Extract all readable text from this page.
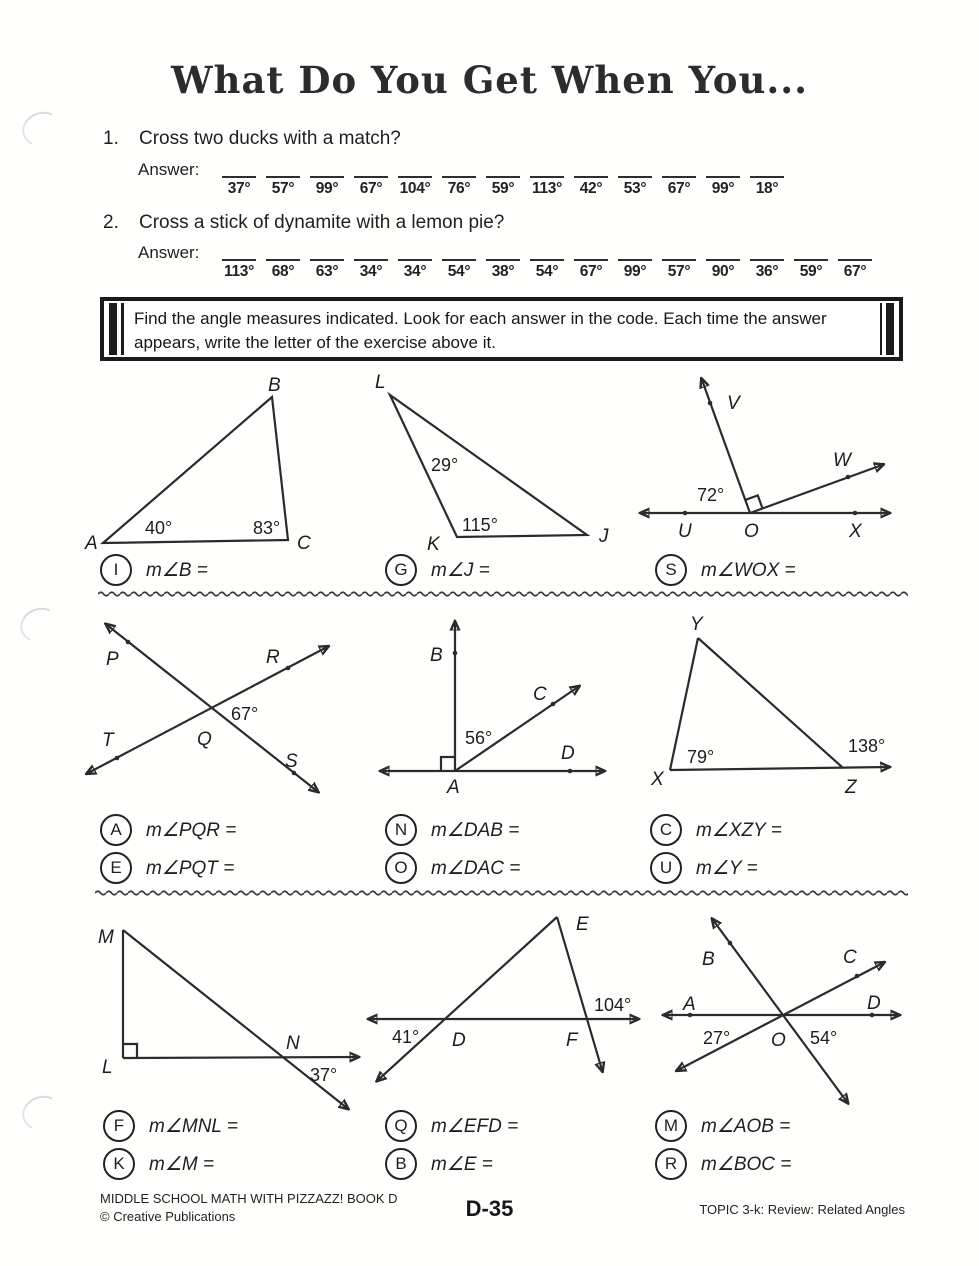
What Do You Get When You...
1.	Cross two ducks with a match?
Answer:
37° 57° 99° 67° 104° 76° 59° 113° 42° 53° 67° 99° 18°
2.	Cross a stick of dynamite with a lemon pie?
Answer:
113° 68° 63° 34° 34° 54° 38° 54° 67° 99° 57° 90° 36° 59° 67°
Find the angle measures indicated. Look for each answer in the code. Each time the answer appears, write the letter of the exercise above it.
B
A	C
40°	83°
L
K	J
29°
115°
V
W
U	O	X
72°
I	m∠B =	G	m∠J =	S	m∠WOX =
P	R
T
S
Q
67°
B
C
D
A
56°
Y
X	Z
79°
138°
A	m∠PQR =	N	m∠DAB =	C	m∠XZY =
E	m∠PQT =	O	m∠DAC =	U	m∠Y =
M
L
N
37°
E
D	F
41°
104°	A
B	C
D
O
27°	54°
F	m∠MNL =	Q	m∠EFD =	M	m∠AOB =
K	m∠M =	B	m∠E =	R	m∠BOC =
MIDDLE SCHOOL MATH WITH PIZZAZZ! BOOK D
© Creative Publications	D-35	TOPIC 3-k: Review: Related Angles
